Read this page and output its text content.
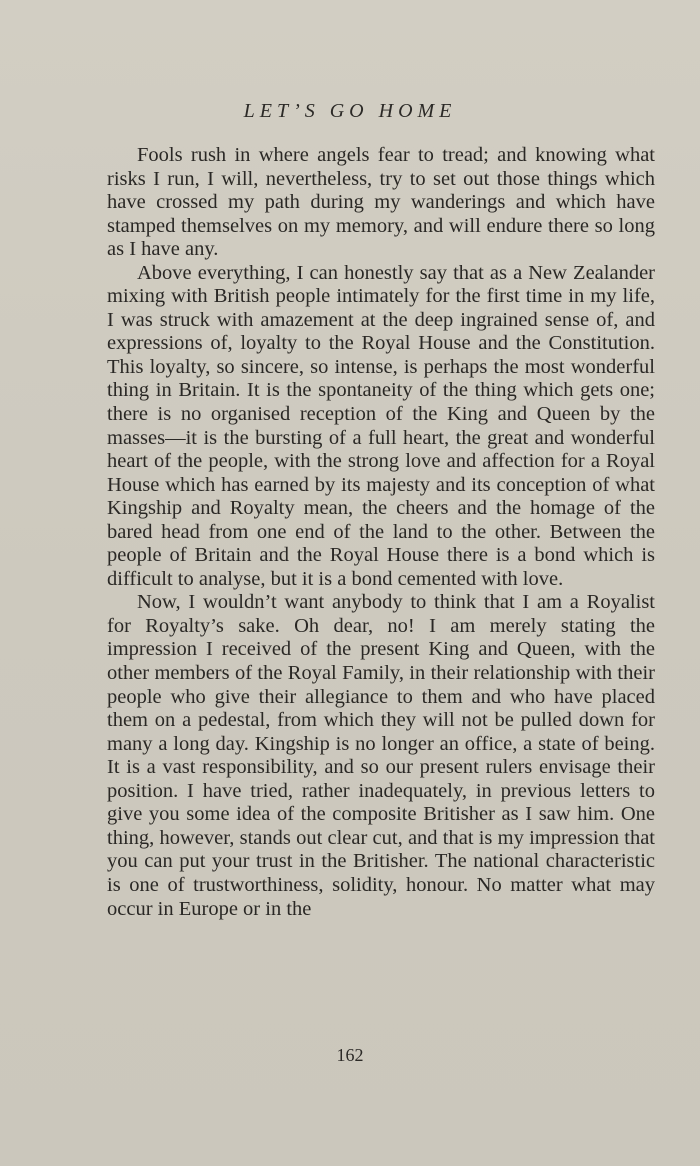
LET’S GO HOME

Fools rush in where angels fear to tread; and knowing what risks I run, I will, nevertheless, try to set out those things which have crossed my path during my wanderings and which have stamped themselves on my memory, and will endure there so long as I have any.

Above everything, I can honestly say that as a New Zealander mixing with British people intimately for the first time in my life, I was struck with amazement at the deep ingrained sense of, and expressions of, loyalty to the Royal House and the Constitution. This loyalty, so sincere, so intense, is perhaps the most wonderful thing in Britain. It is the spontaneity of the thing which gets one; there is no organised reception of the King and Queen by the masses—it is the bursting of a full heart, the great and wonderful heart of the people, with the strong love and affection for a Royal House which has earned by its majesty and its conception of what Kingship and Royalty mean, the cheers and the homage of the bared head from one end of the land to the other. Between the people of Britain and the Royal House there is a bond which is difficult to analyse, but it is a bond cemented with love.

Now, I wouldn’t want anybody to think that I am a Royalist for Royalty’s sake. Oh dear, no! I am merely stating the impression I received of the present King and Queen, with the other members of the Royal Family, in their relationship with their people who give their allegiance to them and who have placed them on a pedestal, from which they will not be pulled down for many a long day. Kingship is no longer an office, a state of being. It is a vast responsibility, and so our present rulers envisage their position. I have tried, rather inadequately, in previous letters to give you some idea of the composite Britisher as I saw him. One thing, however, stands out clear cut, and that is my impression that you can put your trust in the Britisher. The national characteristic is one of trustworthiness, solidity, honour. No matter what may occur in Europe or in the

162
